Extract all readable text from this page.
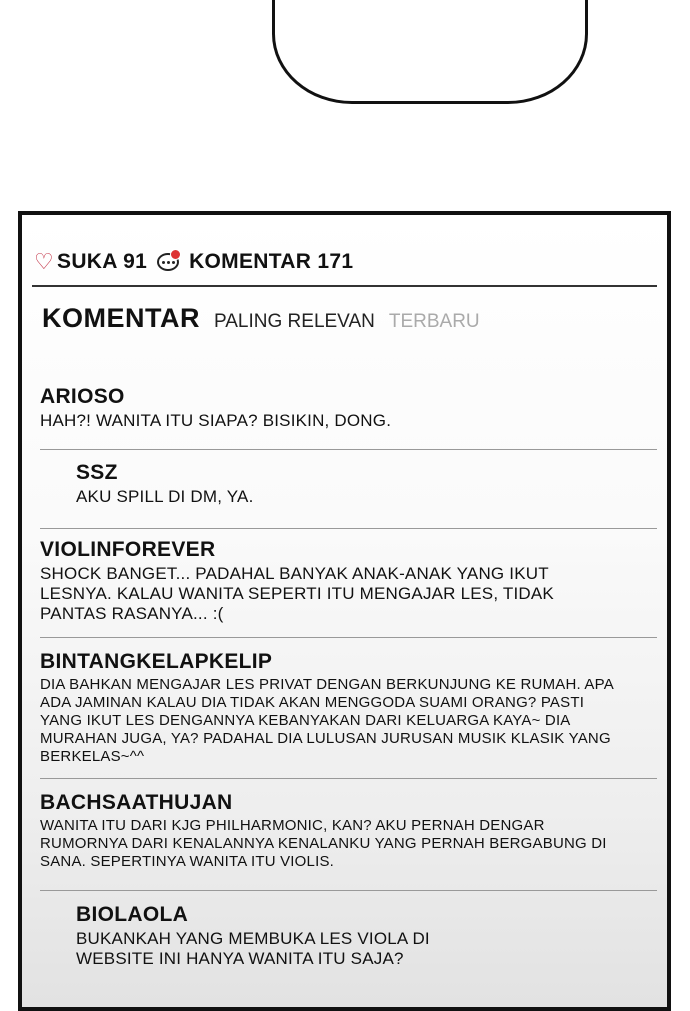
♡ SUKA 91 KOMENTAR 171
KOMENTAR PALING RELEVAN TERBARU
ARIOSO
HAH?! WANITA ITU SIAPA? BISIKIN, DONG.
SSZ
AKU SPILL DI DM, YA.
VIOLINFOREVER
SHOCK BANGET... PADAHAL BANYAK ANAK-ANAK YANG IKUT LESNYA. KALAU WANITA SEPERTI ITU MENGAJAR LES, TIDAK PANTAS RASANYA... :(
BINTANGKELAPKELIP
DIA BAHKAN MENGAJAR LES PRIVAT DENGAN BERKUNJUNG KE RUMAH. APA ADA JAMINAN KALAU DIA TIDAK AKAN MENGGODA SUAMI ORANG? PASTI YANG IKUT LES DENGANNYA KEBANYAKAN DARI KELUARGA KAYA~ DIA MURAHAN JUGA, YA? PADAHAL DIA LULUSAN JURUSAN MUSIK KLASIK YANG BERKELAS~^^
BACHSAATHUJAN
WANITA ITU DARI KJG PHILHARMONIC, KAN? AKU PERNAH DENGAR RUMORNYA DARI KENALANNYA KENALANKU YANG PERNAH BERGABUNG DI SANA. SEPERTINYA WANITA ITU VIOLIS.
BIOLAOLA
BUKANKAH YANG MEMBUKA LES VIOLA DI WEBSITE INI HANYA WANITA ITU SAJA?
